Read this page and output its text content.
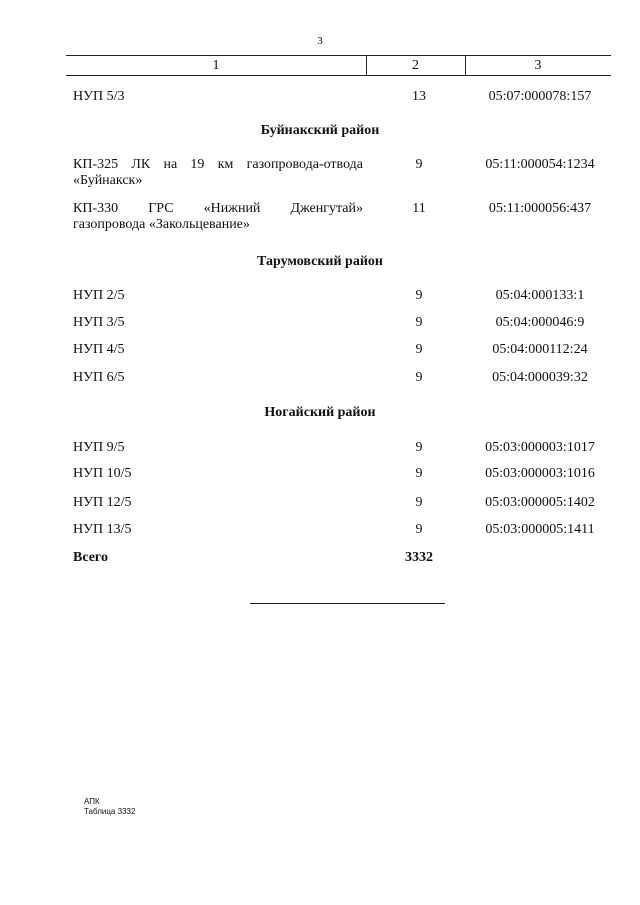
3
1	2	3
НУП 5/3	13	05:07:000078:157
Буйнакский район
КП-325 ЛК на 19 км газопровода-отвода
«Буйнакск»
9	05:11:000054:1234
КП-330 ГРС «Нижний Дженгутай»
газопровода «Закольцевание»
11	05:11:000056:437
Тарумовский район
НУП 2/5	9	05:04:000133:1
НУП 3/5	9	05:04:000046:9
НУП 4/5	9	05:04:000112:24
НУП 6/5	9	05:04:000039:32
Ногайский район
НУП 9/5	9	05:03:000003:1017
НУП 10/5	9	05:03:000003:1016
НУП 12/5	9	05:03:000005:1402
НУП 13/5	9	05:03:000005:1411
Всего	3332
АПК
Таблица 3332
